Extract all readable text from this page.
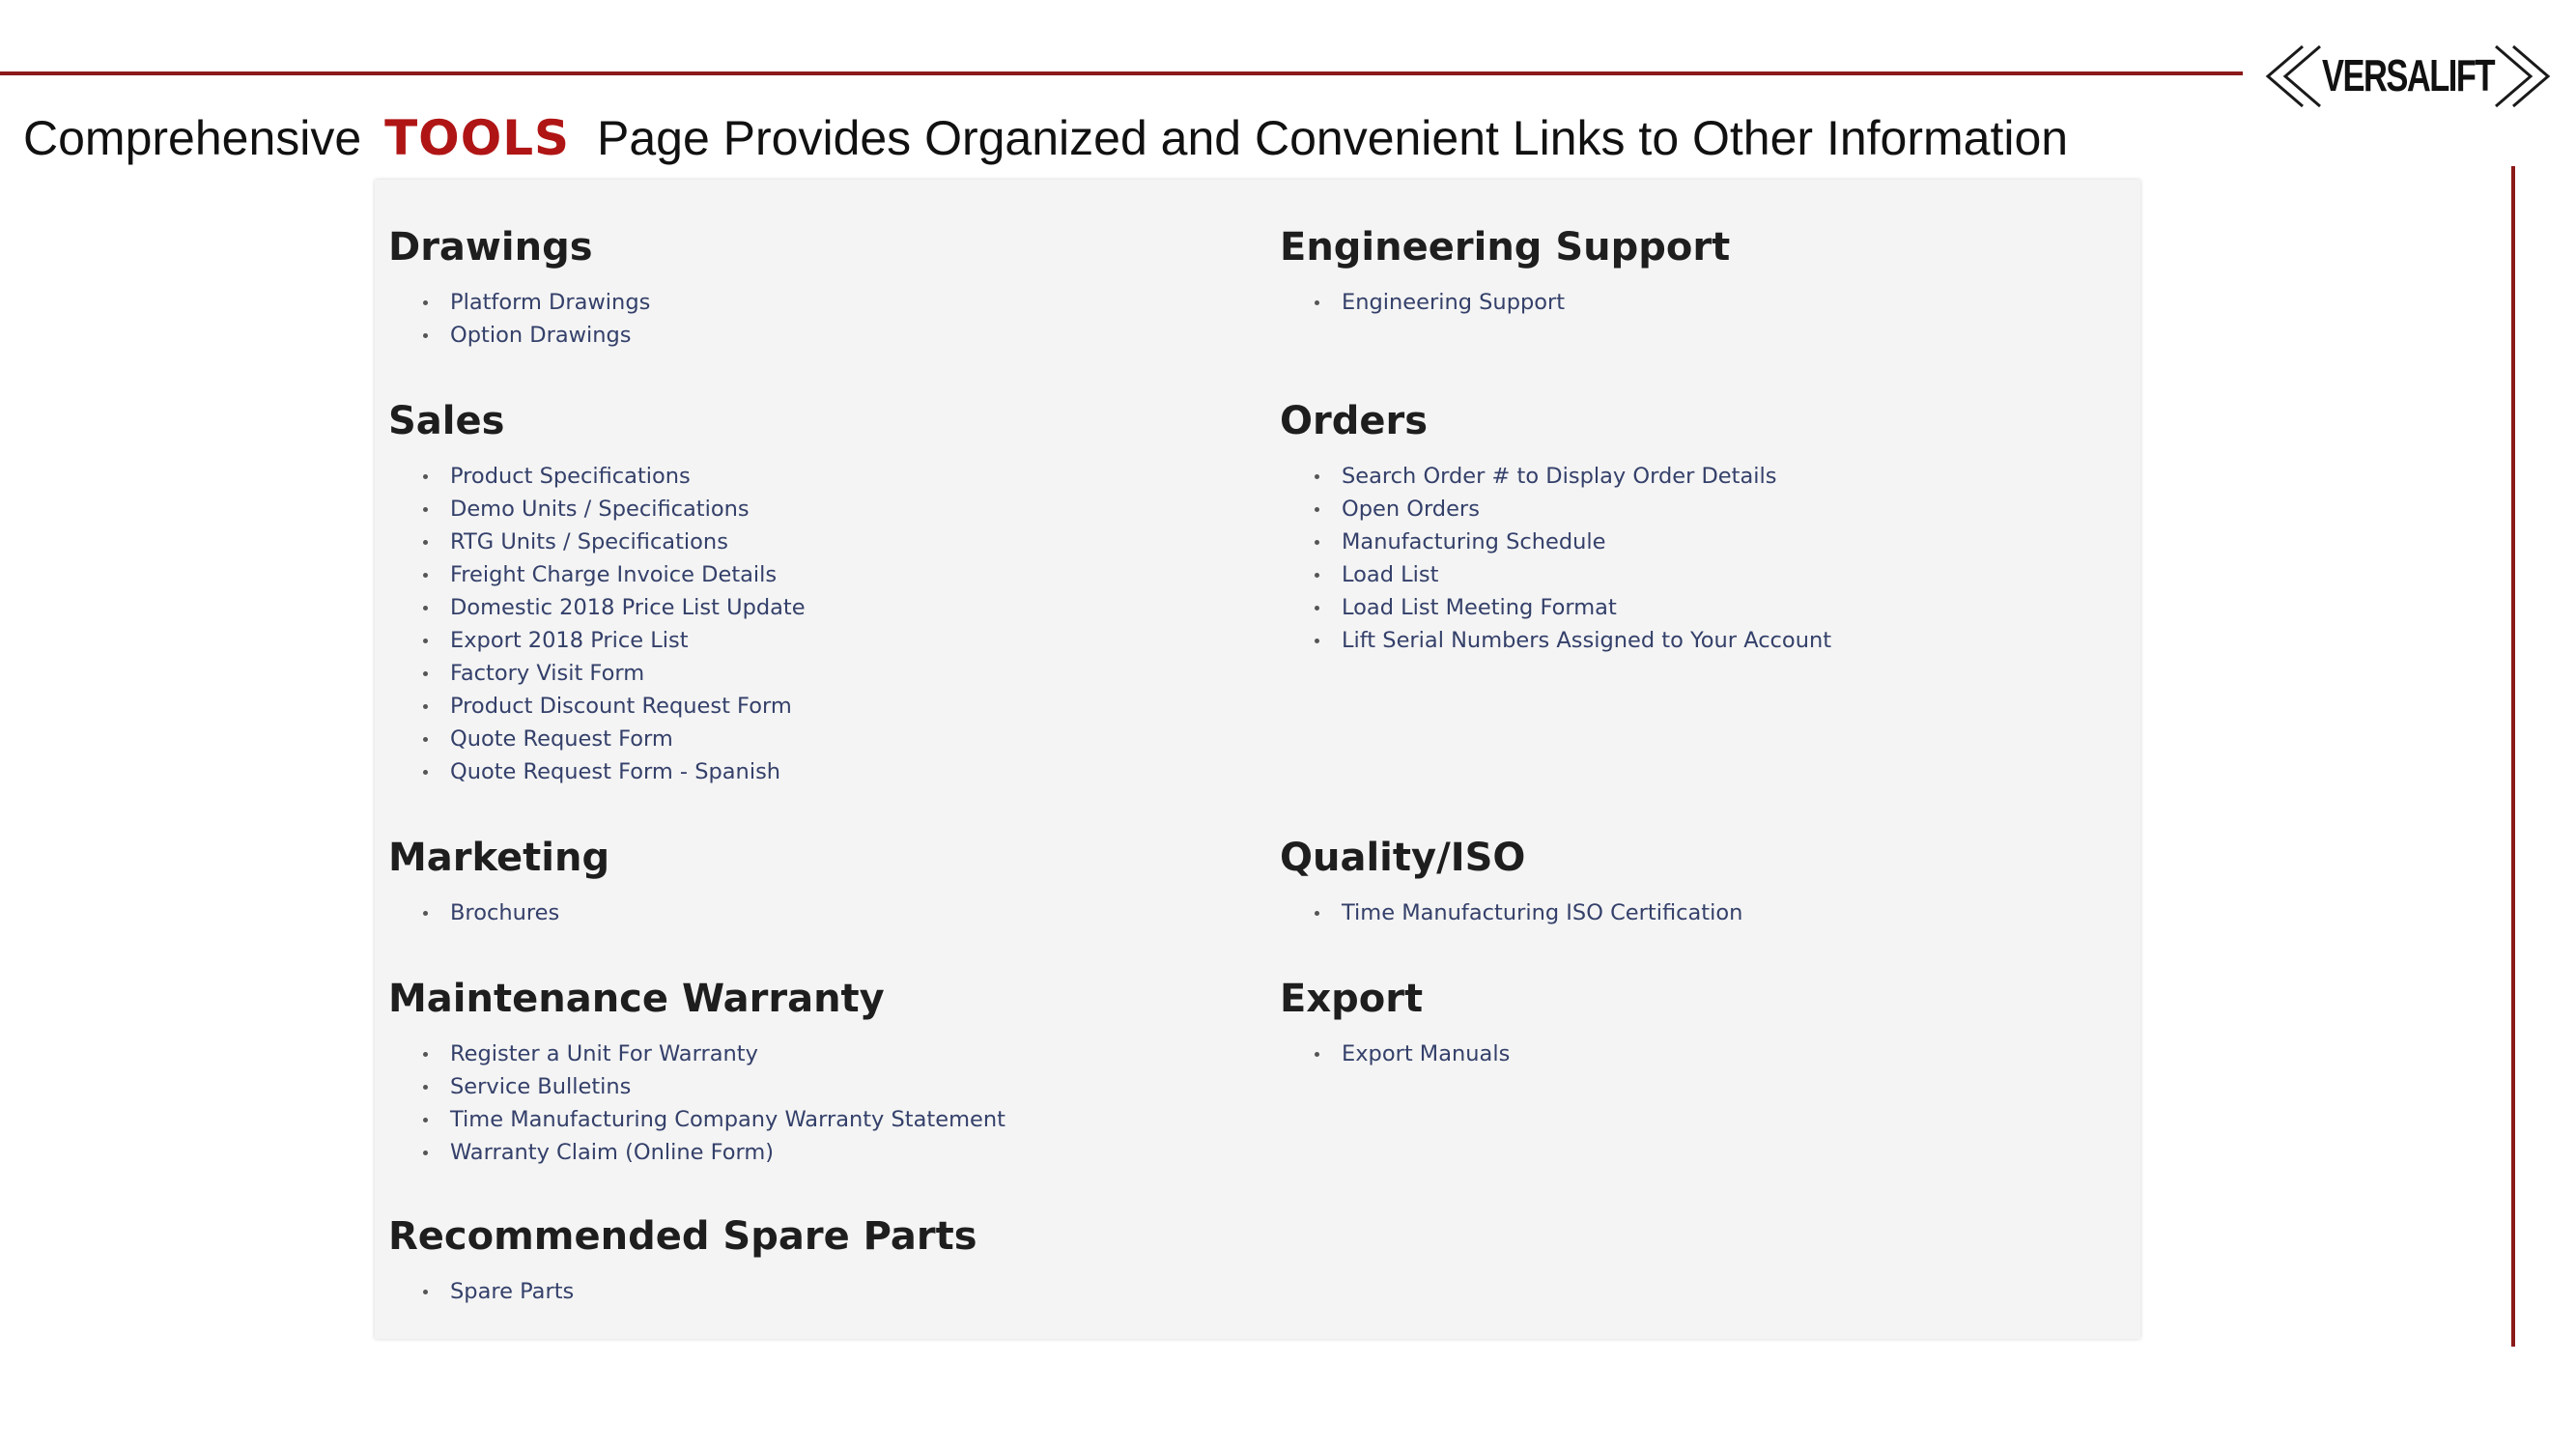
VERSALIFT
Comprehensive TOOLS Page Provides Organized and Convenient Links to Other Information
Drawings
Platform Drawings
Option Drawings
Sales
Product Specifications
Demo Units / Specifications
RTG Units / Specifications
Freight Charge Invoice Details
Domestic 2018 Price List Update
Export 2018 Price List
Factory Visit Form
Product Discount Request Form
Quote Request Form
Quote Request Form - Spanish
Marketing
Brochures
Maintenance Warranty
Register a Unit For Warranty
Service Bulletins
Time Manufacturing Company Warranty Statement
Warranty Claim (Online Form)
Recommended Spare Parts
Spare Parts
Engineering Support
Engineering Support
Orders
Search Order # to Display Order Details
Open Orders
Manufacturing Schedule
Load List
Load List Meeting Format
Lift Serial Numbers Assigned to Your Account
Quality/ISO
Time Manufacturing ISO Certification
Export
Export Manuals
